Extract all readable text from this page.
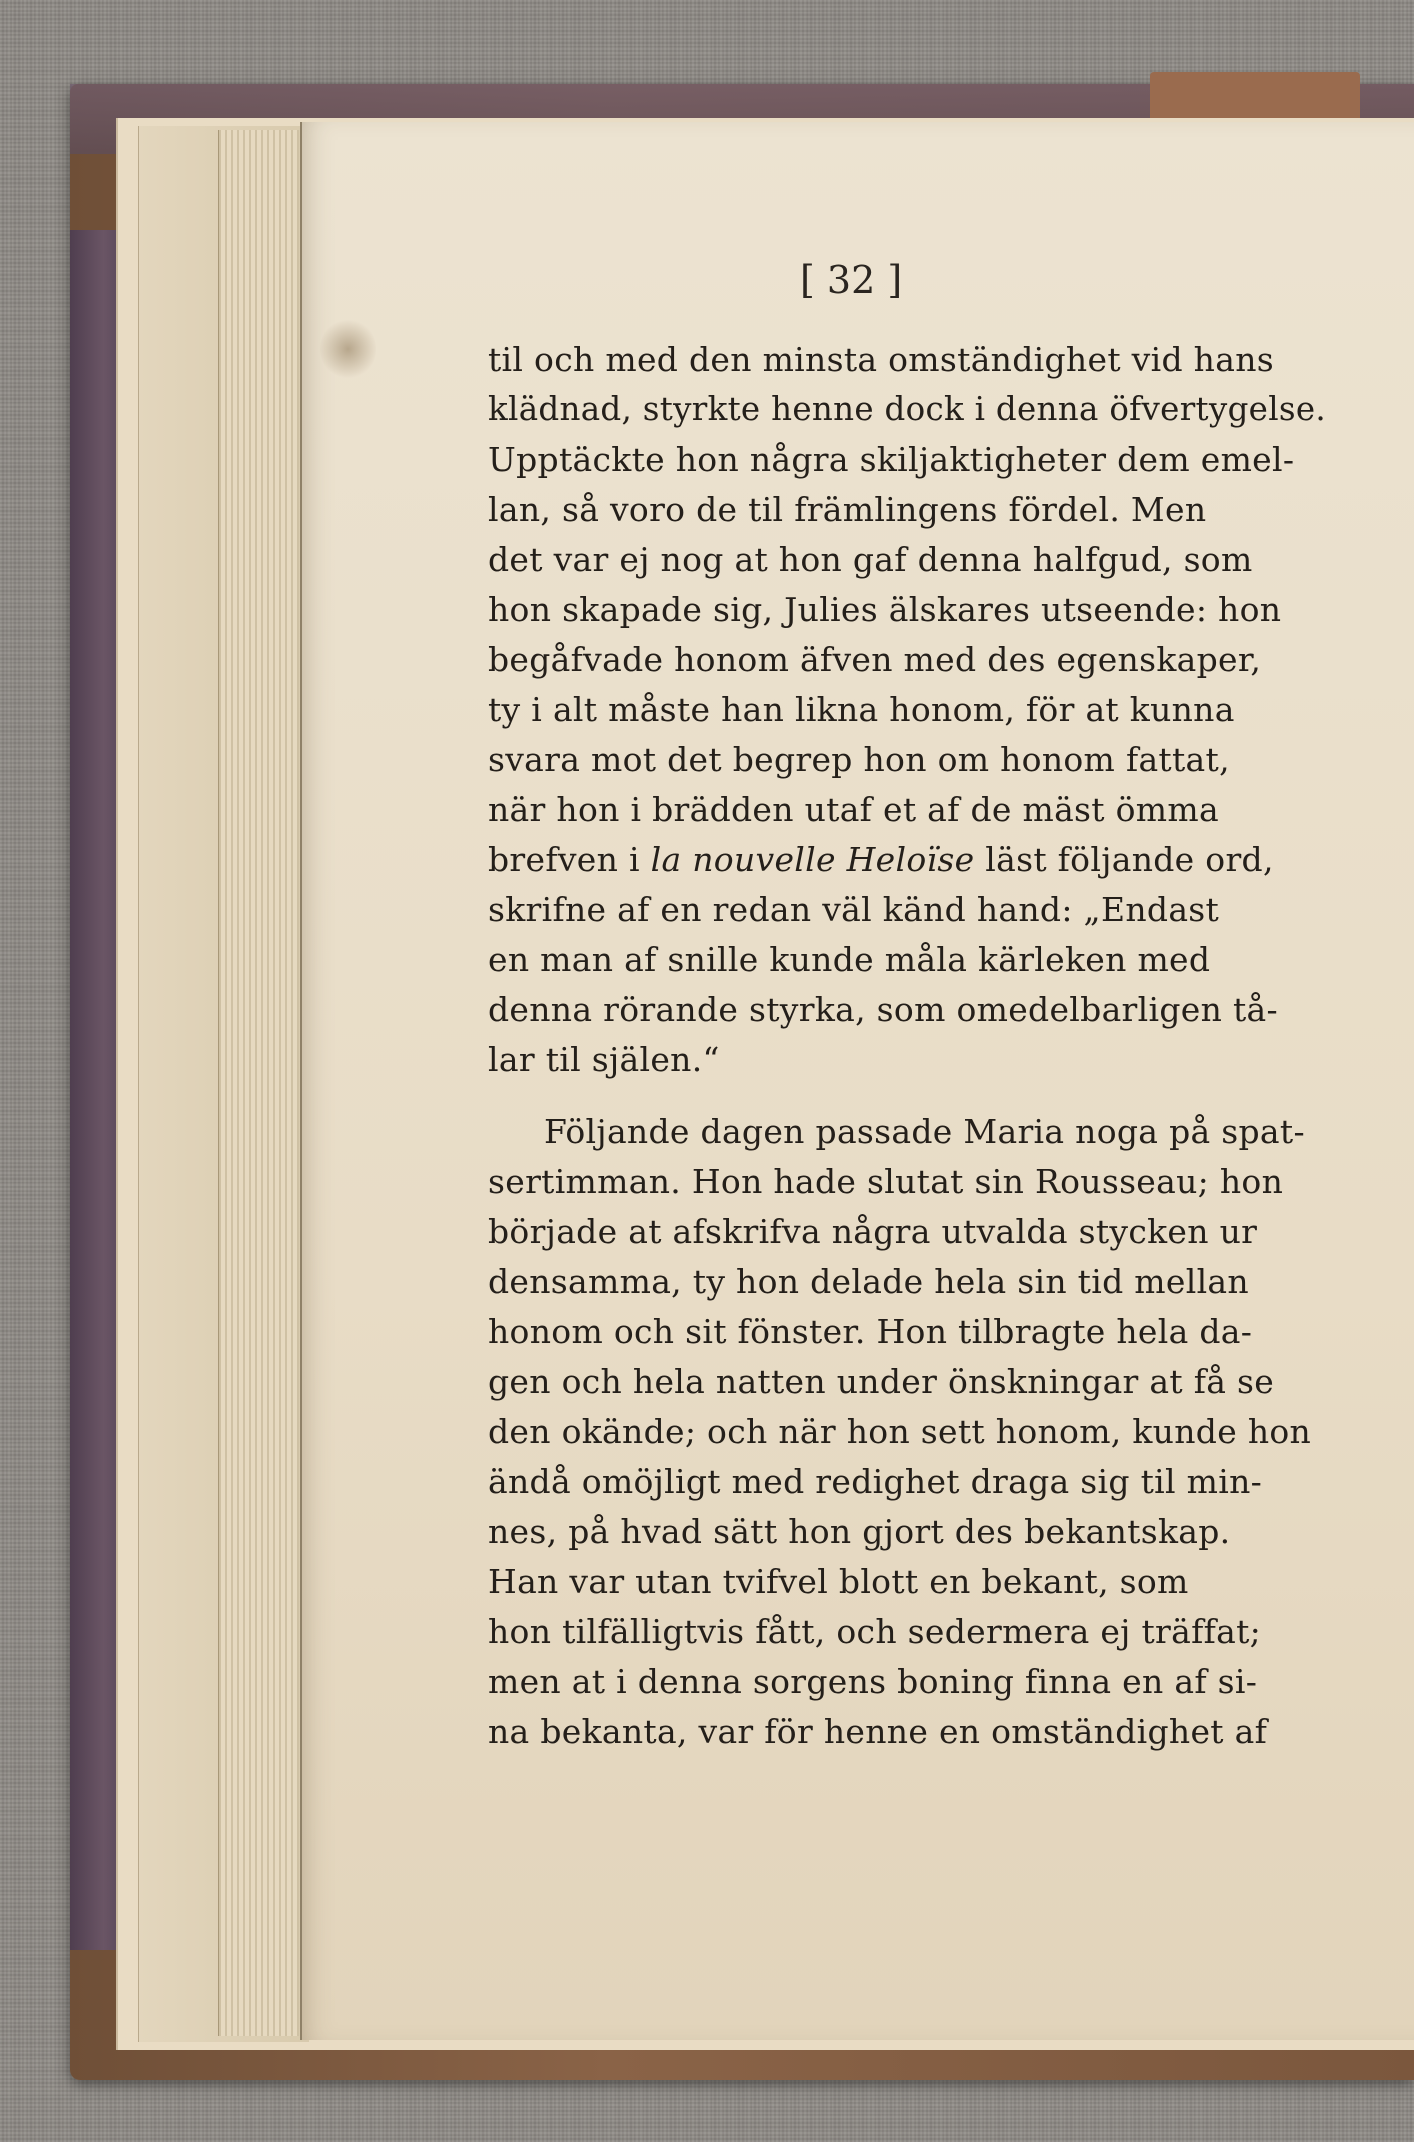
[ 32 ]
til och med den minsta omständighet vid hans
klädnad, styrkte henne dock i denna öfvertygelse.
Upptäckte hon några skiljaktigheter dem emel-
lan, så voro de til främlingens fördel. Men
det var ej nog at hon gaf denna halfgud, som
hon skapade sig, Julies älskares utseende: hon
begåfvade honom äfven med des egenskaper,
ty i alt måste han likna honom, för at kunna
svara mot det begrep hon om honom fattat,
när hon i brädden utaf et af de mäst ömma
brefven i la nouvelle Heloïse läst följande ord,
skrifne af en redan väl känd hand: „Endast
en man af snille kunde måla kärleken med
denna rörande styrka, som omedelbarligen tå-
lar til själen.“
Följande dagen passade Maria noga på spat-
sertimman. Hon hade slutat sin Rousseau; hon
började at afskrifva några utvalda stycken ur
densamma, ty hon delade hela sin tid mellan
honom och sit fönster. Hon tilbragte hela da-
gen och hela natten under önskningar at få se
den okände; och när hon sett honom, kunde hon
ändå omöjligt med redighet draga sig til min-
nes, på hvad sätt hon gjort des bekantskap.
Han var utan tvifvel blott en bekant, som
hon tilfälligtvis fått, och sedermera ej träffat;
men at i denna sorgens boning finna en af si-
na bekanta, var för henne en omständighet af
